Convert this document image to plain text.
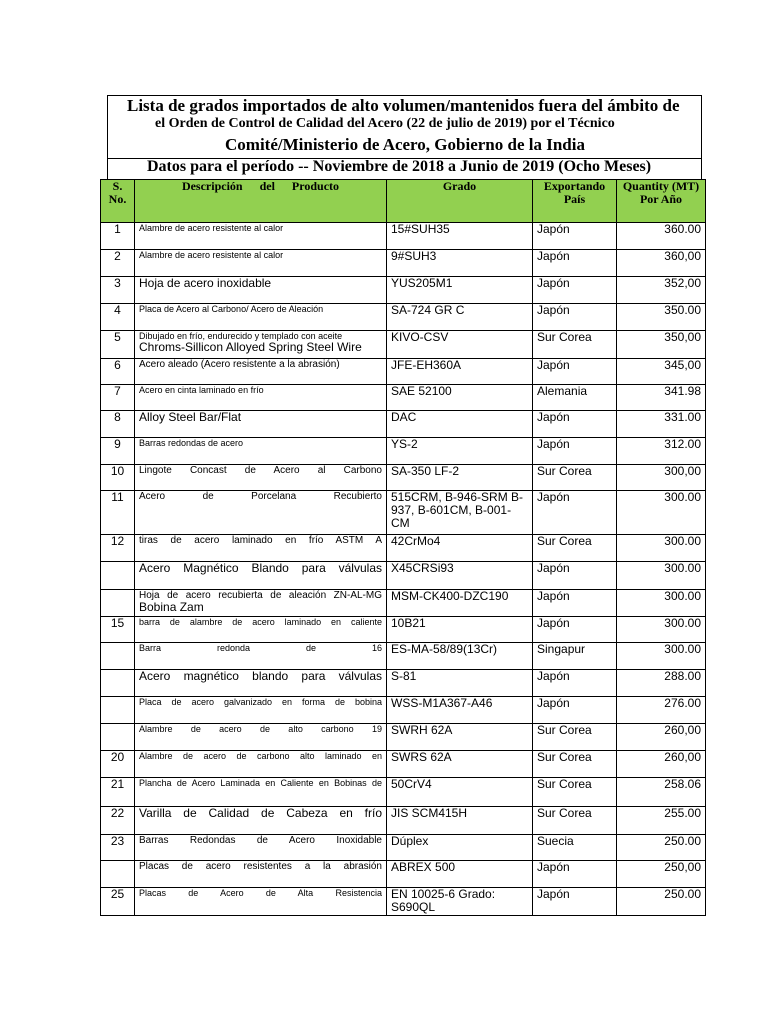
Lista de grados importados de alto volumen/mantenidos fuera del ámbito de
el Orden de Control de Calidad del Acero (22 de julio de 2019) por el Técnico
Comité/Ministerio de Acero, Gobierno de la India
Datos para el período -- Noviembre de 2018 a Junio de 2019 (Ocho Meses)
S. No.	Descripción del Producto	Grado	Exportando País	Quantity (MT) Por Año
1	Alambre de acero resistente al calor	15#SUH35	Japón	360.00
2	Alambre de acero resistente al calor	9#SUH3	Japón	360,00
3	Hoja de acero inoxidable	YUS205M1	Japón	352,00
4	Placa de Acero al Carbono/ Acero de Aleación	SA-724 GR C	Japón	350.00
5	Dibujado en frío, endurecido y templado con aceite
Chroms-Sillicon Alloyed Spring Steel Wire	KIVO-CSV	Sur Corea	350,00
6	Acero aleado (Acero resistente a la abrasión)	JFE-EH360A	Japón	345,00
7	Acero en cinta laminado en frío	SAE 52100	Alemania	341.98
8	Alloy Steel Bar/Flat	DAC	Japón	331.00
9	Barras redondas de acero	YS-2	Japón	312.00
10	Lingote Concast de Acero al Carbono	SA-350 LF-2	Sur Corea	300,00
11	Acero de Porcelana Recubierto	515CRM, B-946-SRM B-937, B-601CM, B-001-CM	Japón	300.00
12	tiras de acero laminado en frío ASTM A	42CrMo4	Sur Corea	300.00

	Acero Magnético Blando para válvulas	X45CRSi93	Japón	300.00

	Hoja de acero recubierta de aleación ZN-AL-MG
Bobina Zam	MSM-CK400-DZC190	Japón	300.00
15	barra de alambre de acero laminado en caliente	10B21	Japón	300.00

	Barra redonda de 16	ES-MA-58/89(13Cr)	Singapur	300.00

	Acero magnético blando para válvulas	S-81	Japón	288.00

	Placa de acero galvanizado en forma de bobina	WSS-M1A367-A46	Japón	276.00

	Alambre de acero de alto carbono 19	SWRH 62A	Sur Corea	260,00
20	Alambre de acero de carbono alto laminado en	SWRS 62A	Sur Corea	260,00
21	Plancha de Acero Laminada en Caliente en Bobinas de	50CrV4	Sur Corea	258.06
22	Varilla de Calidad de Cabeza en frío	JIS SCM415H	Sur Corea	255.00
23	Barras Redondas de Acero Inoxidable	Dúplex	Suecia	250.00

	Placas de acero resistentes a la abrasión	ABREX 500	Japón	250,00
25	Placas de Acero de Alta Resistencia	EN 10025-6 Grado: S690QL	Japón	250.00
